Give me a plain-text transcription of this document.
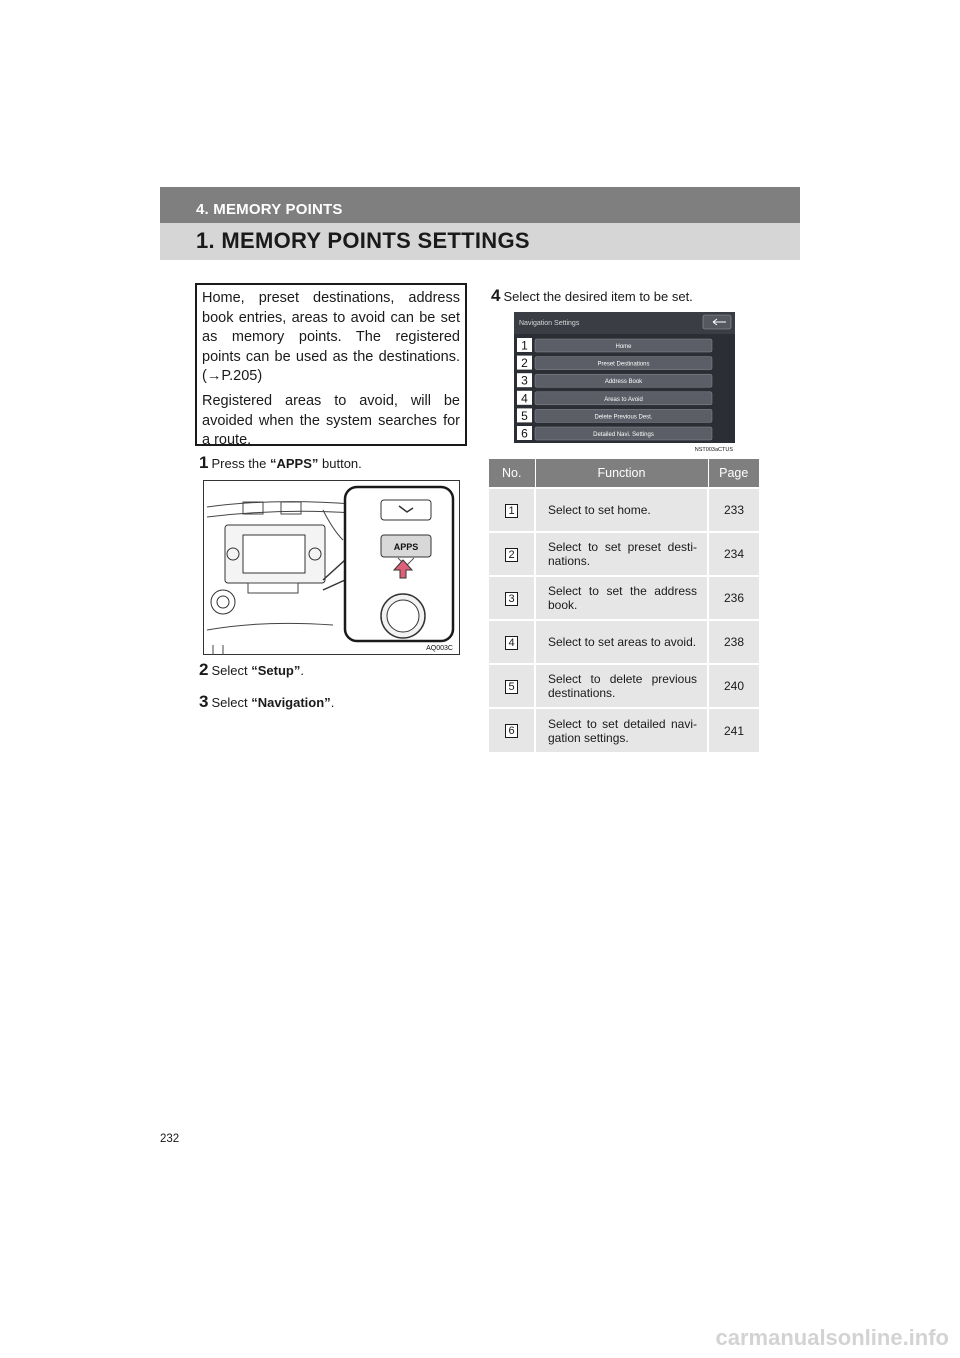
4. MEMORY POINTS
1. MEMORY POINTS SETTINGS

Home, preset destinations, address book entries, areas to avoid can be set as memory points. The registered points can be used as the destinations. (→P.205)

Registered areas to avoid, will be avoided when the system searches for a route.

1 Press the “APPS” button.
APPS
AQ003C
2 Select “Setup”.
3 Select “Navigation”.
4 Select the desired item to be set.
Navigation Settings
1	Home
2	Preset Destinations
3	Address Book
4	Areas to Avoid
5	Delete Previous Dest.
6	Detailed Navi. Settings
NST003aCTUS
No.	Function	Page
1	Select to set home.	233
2	Select to set preset desti-nations.	234
3	Select to set the address book.	236
4	Select to set areas to avoid.	238
5	Select to delete previous destinations.	240
6	Select to set detailed navi-gation settings.	241
232
carmanualsonline.info
